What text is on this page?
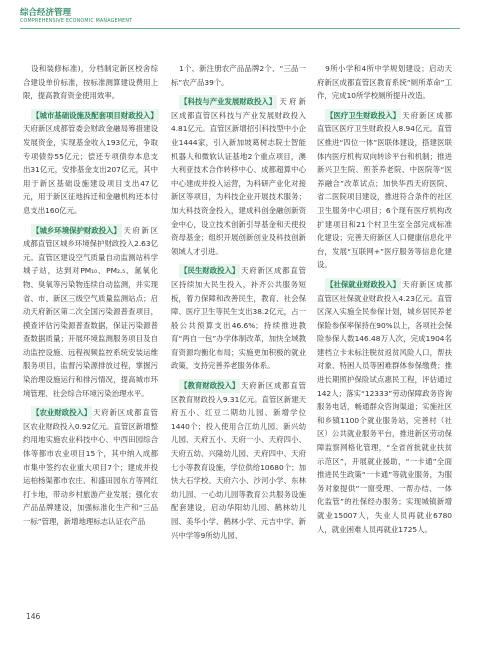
综合经济管理
COMPREHENSIVE ECONOMIC MANAGEMENT

设和装修标准)，分档制定新区校舍综合建设单价标准，按标准测算建设费用上限，提高教育资金使用效率。

【城市基础设施及配套项目财政投入】天府新区成都管委会财政金融局筹措建设发展资金，实现基金收入193亿元，争取专项债券55亿元；偿还专项债券本息支出31亿元，安排基金支出207亿元，其中用于新区基础设施建设项目支出47亿元，用于新区征地拆迁和金融机构还本付息支出160亿元。

【城乡环境保护财政投入】天府新区成都直管区城乡环境保护财政投入2.63亿元。直管区建设空气质量自动监测站科学城子站，达到对PM₁₀、PM₂.₅、氮氧化物、臭氧等污染物连续自动监测，并实现省、市、新区三级空气质量监测站点；启动天府新区第二次全国污染源普查项目，摸查评估污染源普查数据，保证污染源普查数据质量；开展环境监测服务项目及自动监控设施、远程视频监控系统安装运维服务项目，监督污染源排放过程，掌握污染治理设施运行和排污情况，提高城市环境管理、社会综合环境污染治理水平。

【农业财政投入】天府新区成都直管区农业财政投入0.92亿元。直管区新增整约用地实施农业科技中心、中西田园综合体等都市农业项目15个，其中纳入成都市集中签约农业重大项目7个；建成并投运柏杨渠都市农庄、和盛田园东方等网红打卡地，带动乡村旅游产业发展；强化农产品品牌建设，加强标准化生产和“三品一标”管理，新增地理标志认证农产品

1个、新注册农产品品牌2个、“三品一标”农产品39个。

【科技与产业发展财政投入】天府新区成都直管区科技与产业发展财政投入4.81亿元。直管区新增招引科技型中小企业1444家，引入新加坡葛树志院士智能机器人和微软认证基地2个重点项目，澳大利亚技术合作转移中心、成都超算中心中心建成并投入运营，为科研产业化对接新区等项目，为科技企业开展技术服务；加大科技资金投入，建成科创金融创新资金中心，设立技术创新引导基金和天使投资母基金；组织开展创新创业及科技创新领域人才引进。

【民生财政投入】天府新区成都直管区持续加大民生投入，补齐公共服务短板，着力保障和改善民生，教育、社会保障、医疗卫生等民生支出38.2亿元，占一般公共预算支出46.6%；持续推进教育“两自一包”办学体制改革，加快全域教育资源均衡化布局；实施更加积极的就业政策，支持完善养老服务体系。

【教育财政投入】天府新区成都直管区教育财政投入9.31亿元。直管区新建天府五小、红豆二期幼儿园、新增学位1440个；投入使用合江幼儿园、新兴幼儿园、天府五小、天府一小、天府四小、天府五幼、兴隆幼儿园、天府四中、天府七小等教育设施，学位供给10680个；加快大石学校、天府六小、沙河小学、东林幼儿园、一心幼儿园等教育公共服务设施配套建设，启动华阳幼儿园、鹤林幼儿园、美华小学、鹤林小学、元吉中学、新兴中学等9所幼儿园、

9所小学和4所中学规划建设；启动天府新区成都直管区教育系统“厕所革命”工作，完成10所学校厕所提升改造。

【医疗卫生财政投入】天府新区成都直管区医疗卫生财政投入8.94亿元。直管区推进“四位一体”医联体建设，搭建医联体内医疗机构双向转诊平台和机制；推进新兴卫生院、煎茶养老院、中医院等“医养融合”改革试点；加快华西天府医院、省二医院项目建设，推进符合条件的社区卫生服务中心项目；6个现有医疗机构改扩建项目和21个村卫生室全部完成标准化建设；完善天府新区人口健康信息化平台，发展“互联网+”医疗服务等信息化建设。

【社保就业财政投入】天府新区成都直管区社保就业财政投入4.23亿元。直管区深入实施全民参保计划，城乡居民养老保险参保率保持在90%以上，各项社会保险参保人数146.48万人次，完成1904名建档立卡未标注脱贫返贫风险人口，帮扶对象、特困人员等困难群体参保缴费；推进长期照护保险试点惠民工程，评估通过142人；落实“12333”劳动保障政务咨询服务电话，畅通群众咨询渠道；实施社区和乡镇1100个就业服务站，完善村（社区）公共就业服务平台，推进新区劳动保障监察网格化管理，“全省首批就业扶贫示范区”，开展就业援助，“一卡通”全面推进民生政策“一卡通”等就业服务，为服务对象提供“一窗受理、一帮办结、一体化监管”的社保经办服务；实现城镇新增就业15007人，失业人员再就业6780人，就业困难人员再就业1725人。

146
